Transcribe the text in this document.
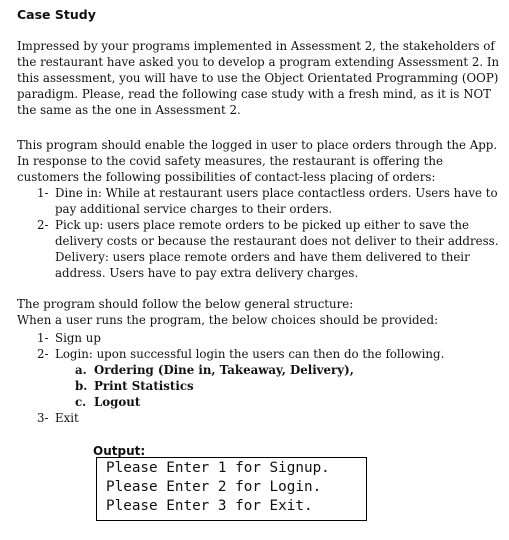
Case Study

Impressed by your programs implemented in Assessment 2, the stakeholders of the restaurant have asked you to develop a program extending Assessment 2. In this assessment, you will have to use the Object Orientated Programming (OOP) paradigm. Please, read the following case study with a fresh mind, as it is NOT the same as the one in Assessment 2.

This program should enable the logged in user to place orders through the App. In response to the covid safety measures, the restaurant is offering the customers the following possibilities of contact-less placing of orders:

1- Dine in: While at restaurant users place contactless orders. Users have to pay additional service charges to their orders.
2- Pick up: users place remote orders to be picked up either to save the delivery costs or because the restaurant does not deliver to their address. Delivery: users place remote orders and have them delivered to their address. Users have to pay extra delivery charges.

The program should follow the below general structure:
When a user runs the program, the below choices should be provided:

1- Sign up
2- Login: upon successful login the users can then do the following.
a. Ordering (Dine in, Takeaway, Delivery),
b. Print Statistics
c. Logout
3- Exit
Output:
Please Enter 1 for Signup.
Please Enter 2 for Login.
Please Enter 3 for Exit.
